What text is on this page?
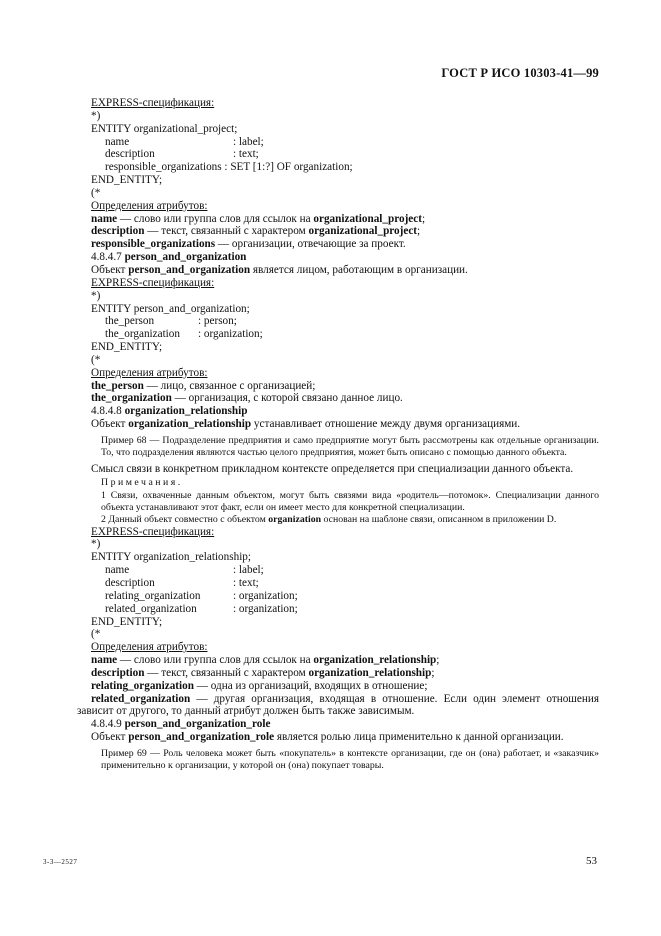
ГОСТ Р ИСО 10303-41—99
EXPRESS-спецификация:
*)
ENTITY organizational_project;
name	: label;
description	: text;
responsible_organizations : SET [1:?] OF organization;
END_ENTITY;
(*
Определения атрибутов:
name — слово или группа слов для ссылок на organizational_project;
description — текст, связанный с характером organizational_project;
responsible_organizations — организации, отвечающие за проект.
4.8.4.7 person_and_organization
Объект person_and_organization является лицом, работающим в организации.
EXPRESS-спецификация:
*)
ENTITY person_and_organization;
the_person	: person;
the_organization : organization;
END_ENTITY;
(*
Определения атрибутов:
the_person — лицо, связанное с организацией;
the_organization — организация, с которой связано данное лицо.
4.8.4.8 organization_relationship
Объект organization_relationship устанавливает отношение между двумя организациями.
Пример 68 — Подразделение предприятия и само предприятие могут быть рассмотрены как отдельные организации. То, что подразделения являются частью целого предприятия, может быть описано с помощью данного объекта.
Смысл связи в конкретном прикладном контексте определяется при специализации данного объекта.
Примечания.
1 Связи, охваченные данным объектом, могут быть связями вида «родитель—потомок». Специализации данного объекта устанавливают этот факт, если он имеет место для конкретной специализации.
2 Данный объект совместно с объектом organization основан на шаблоне связи, описанном в приложении D.
EXPRESS-спецификация:
*)
ENTITY organization_relationship;
name	: label;
description	: text;
relating_organization	: organization;
related_organization	: organization;
END_ENTITY;
(*
Определения атрибутов:
name — слово или группа слов для ссылок на organization_relationship;
description — текст, связанный с характером organization_relationship;
relating_organization — одна из организаций, входящих в отношение;
related_organization — другая организация, входящая в отношение. Если один элемент отношения зависит от другого, то данный атрибут должен быть также зависимым.
4.8.4.9 person_and_organization_role
Объект person_and_organization_role является ролью лица применительно к данной организации.
Пример 69 — Роль человека может быть «покупатель» в контексте организации, где он (она) работает, и «заказчик» применительно к организации, у которой он (она) покупает товары.
3-3—2527	53
